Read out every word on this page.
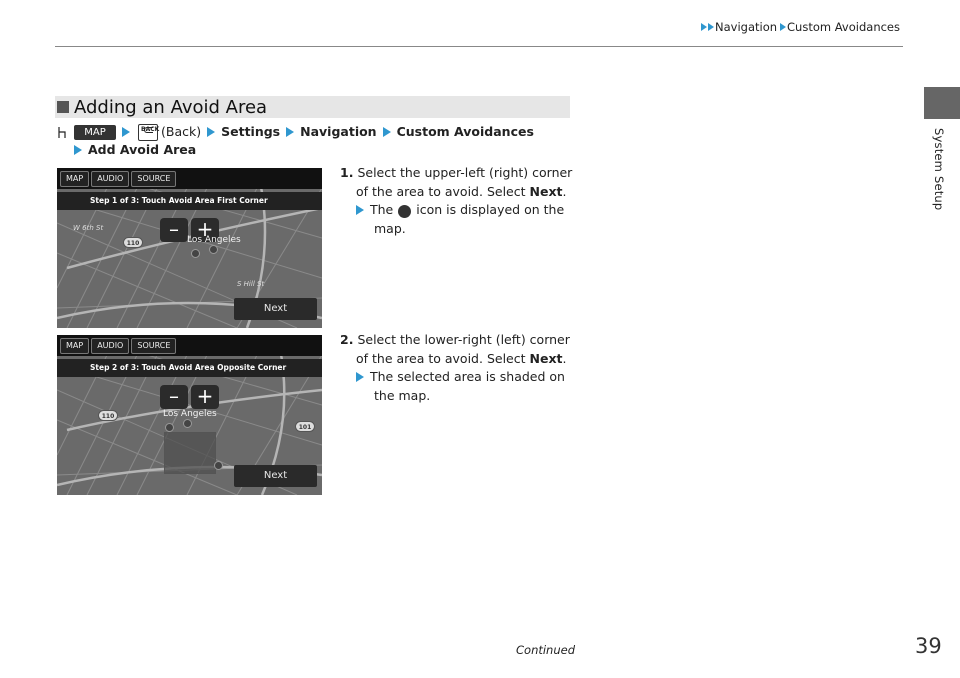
Navigation Custom Avoidances
System Setup
Adding an Avoid Area
MAP	BACK (Back) Settings Navigation Custom Avoidances
Add Avoid Area
MAP	AUDIO	SOURCE
Step 1 of 3: Touch Avoid Area First Corner
– +
110
W 6th St
S Hill St
Los Angeles
Next
MAP	AUDIO	SOURCE
Step 2 of 3: Touch Avoid Area Opposite Corner
– +
110
101
Los Angeles
Next
1. Select the upper-left (right) corner
of the area to avoid. Select
Next .
The icon is displayed on the
map.
2. Select the lower-right (left) corner
of the area to avoid. Select
Next .
The selected area is shaded on
the map.
Continued	39
